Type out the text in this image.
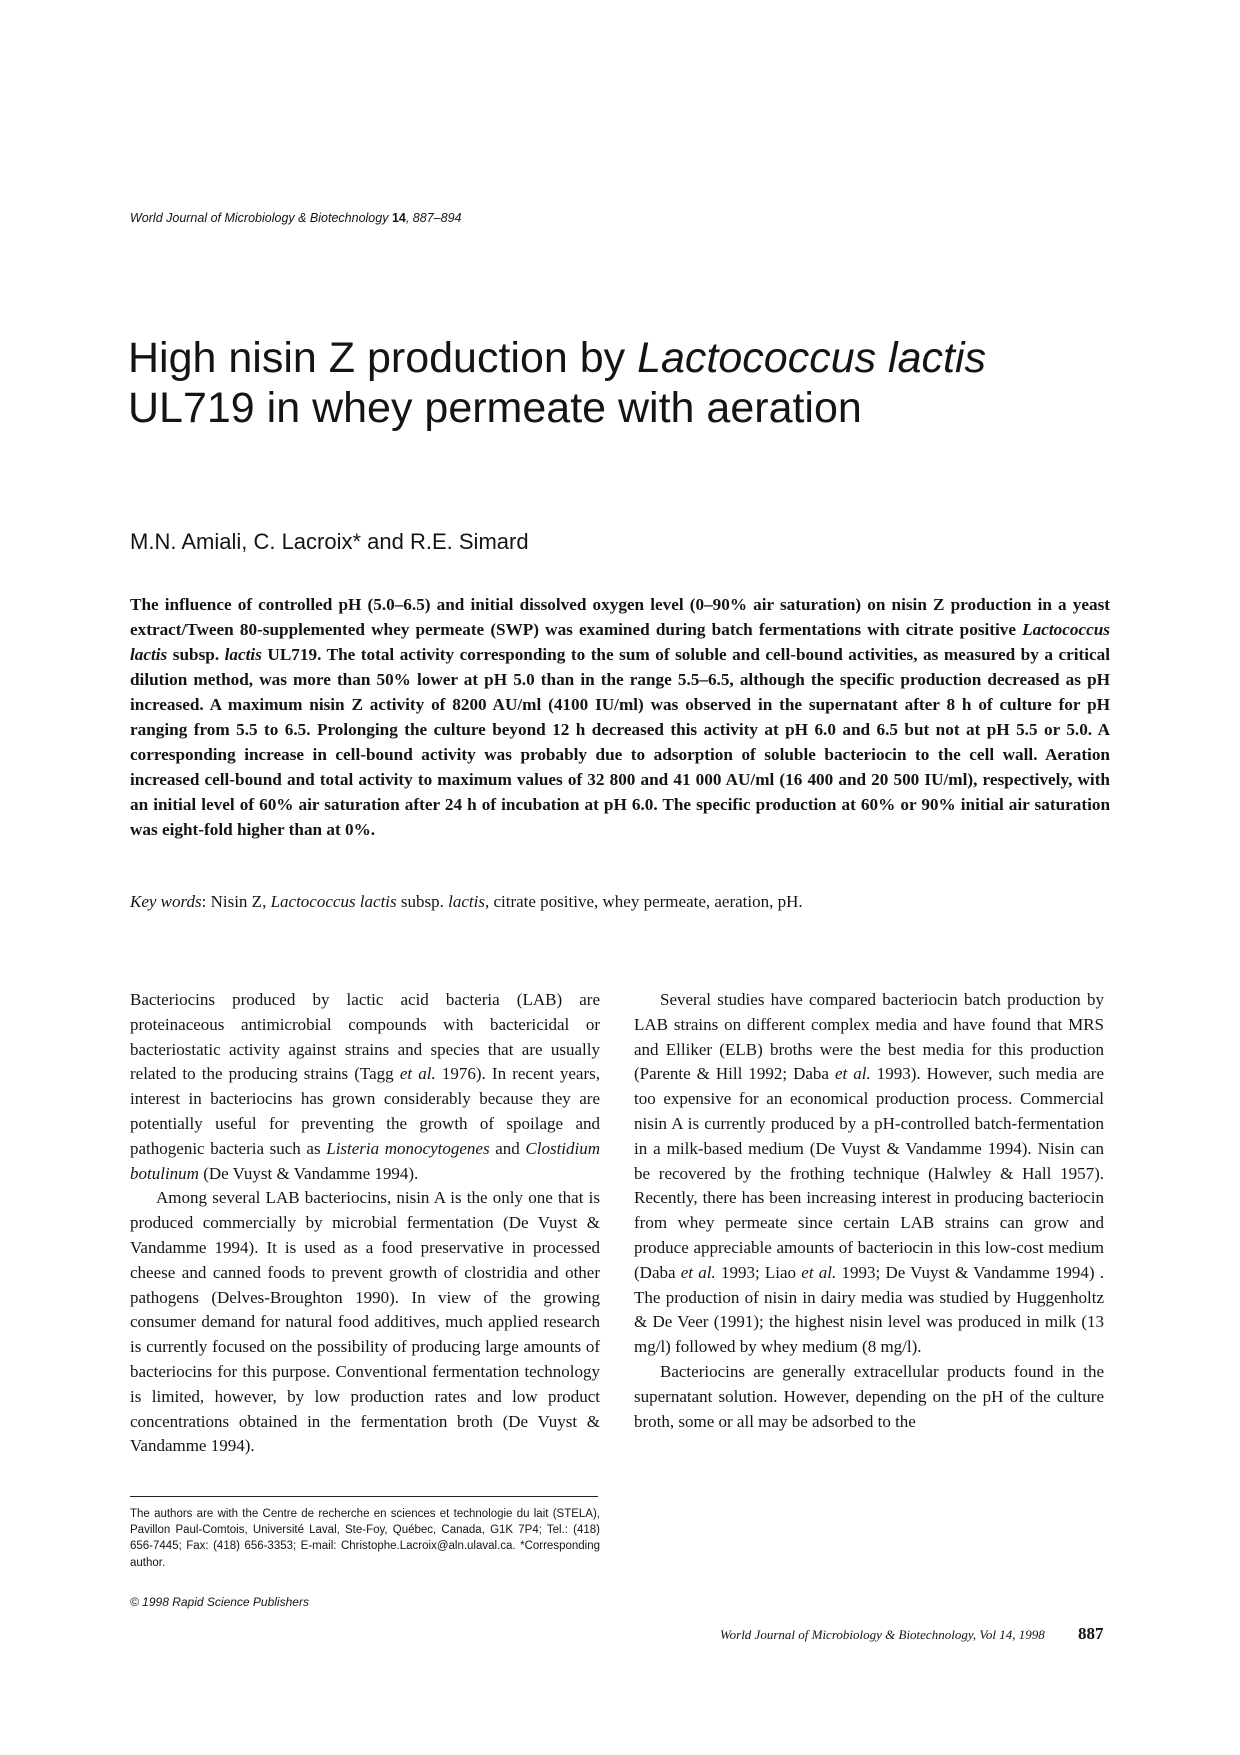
World Journal of Microbiology & Biotechnology 14, 887–894
High nisin Z production by Lactococcus lactis
UL719 in whey permeate with aeration
M.N. Amiali, C. Lacroix* and R.E. Simard

The influence of controlled pH (5.0–6.5) and initial dissolved oxygen level (0–90% air saturation) on nisin Z production in a yeast extract/Tween 80-supplemented whey permeate (SWP) was examined during batch fermentations with citrate positive Lactococcus lactis subsp. lactis UL719. The total activity corresponding to the sum of soluble and cell-bound activities, as measured by a critical dilution method, was more than 50% lower at pH 5.0 than in the range 5.5–6.5, although the specific production decreased as pH increased. A maximum nisin Z activity of 8200 AU/ml (4100 IU/ml) was observed in the supernatant after 8 h of culture for pH ranging from 5.5 to 6.5. Prolonging the culture beyond 12 h decreased this activity at pH 6.0 and 6.5 but not at pH 5.5 or 5.0. A corresponding increase in cell-bound activity was probably due to adsorption of soluble bacteriocin to the cell wall. Aeration increased cell-bound and total activity to maximum values of 32 800 and 41 000 AU/ml (16 400 and 20 500 IU/ml), respectively, with an initial level of 60% air saturation after 24 h of incubation at pH 6.0. The specific production at 60% or 90% initial air saturation was eight-fold higher than at 0%.

Key words: Nisin Z, Lactococcus lactis subsp. lactis, citrate positive, whey permeate, aeration, pH.

Bacteriocins produced by lactic acid bacteria (LAB) are proteinaceous antimicrobial compounds with bactericidal or bacteriostatic activity against strains and species that are usually related to the producing strains (Tagg et al. 1976). In recent years, interest in bacteriocins has grown considerably because they are potentially useful for preventing the growth of spoilage and pathogenic bacteria such as Listeria monocytogenes and Clostidium botulinum (De Vuyst & Vandamme 1994).

Among several LAB bacteriocins, nisin A is the only one that is produced commercially by microbial fermentation (De Vuyst & Vandamme 1994). It is used as a food preservative in processed cheese and canned foods to prevent growth of clostridia and other pathogens (Delves-Broughton 1990). In view of the growing consumer demand for natural food additives, much applied research is currently focused on the possibility of producing large amounts of bacteriocins for this purpose. Conventional fermentation technology is limited, however, by low production rates and low product concentrations obtained in the fermentation broth (De Vuyst & Vandamme 1994).

Several studies have compared bacteriocin batch production by LAB strains on different complex media and have found that MRS and Elliker (ELB) broths were the best media for this production (Parente & Hill 1992; Daba et al. 1993). However, such media are too expensive for an economical production process. Commercial nisin A is currently produced by a pH-controlled batch-fermentation in a milk-based medium (De Vuyst & Vandamme 1994). Nisin can be recovered by the frothing technique (Halwley & Hall 1957). Recently, there has been increasing interest in producing bacteriocin from whey permeate since certain LAB strains can grow and produce appreciable amounts of bacteriocin in this low-cost medium (Daba et al. 1993; Liao et al. 1993; De Vuyst & Vandamme 1994) . The production of nisin in dairy media was studied by Huggenholtz & De Veer (1991); the highest nisin level was produced in milk (13 mg/l) followed by whey medium (8 mg/l).

Bacteriocins are generally extracellular products found in the supernatant solution. However, depending on the pH of the culture broth, some or all may be adsorbed to the

The authors are with the Centre de recherche en sciences et technologie du lait (STELA), Pavillon Paul-Comtois, Université Laval, Ste-Foy, Québec, Canada, G1K 7P4; Tel.: (418) 656-7445; Fax: (418) 656-3353; E-mail: Christophe.Lacroix@aln.ulaval.ca. *Corresponding author.

© 1998 Rapid Science Publishers
World Journal of Microbiology & Biotechnology, Vol 14, 1998 887
